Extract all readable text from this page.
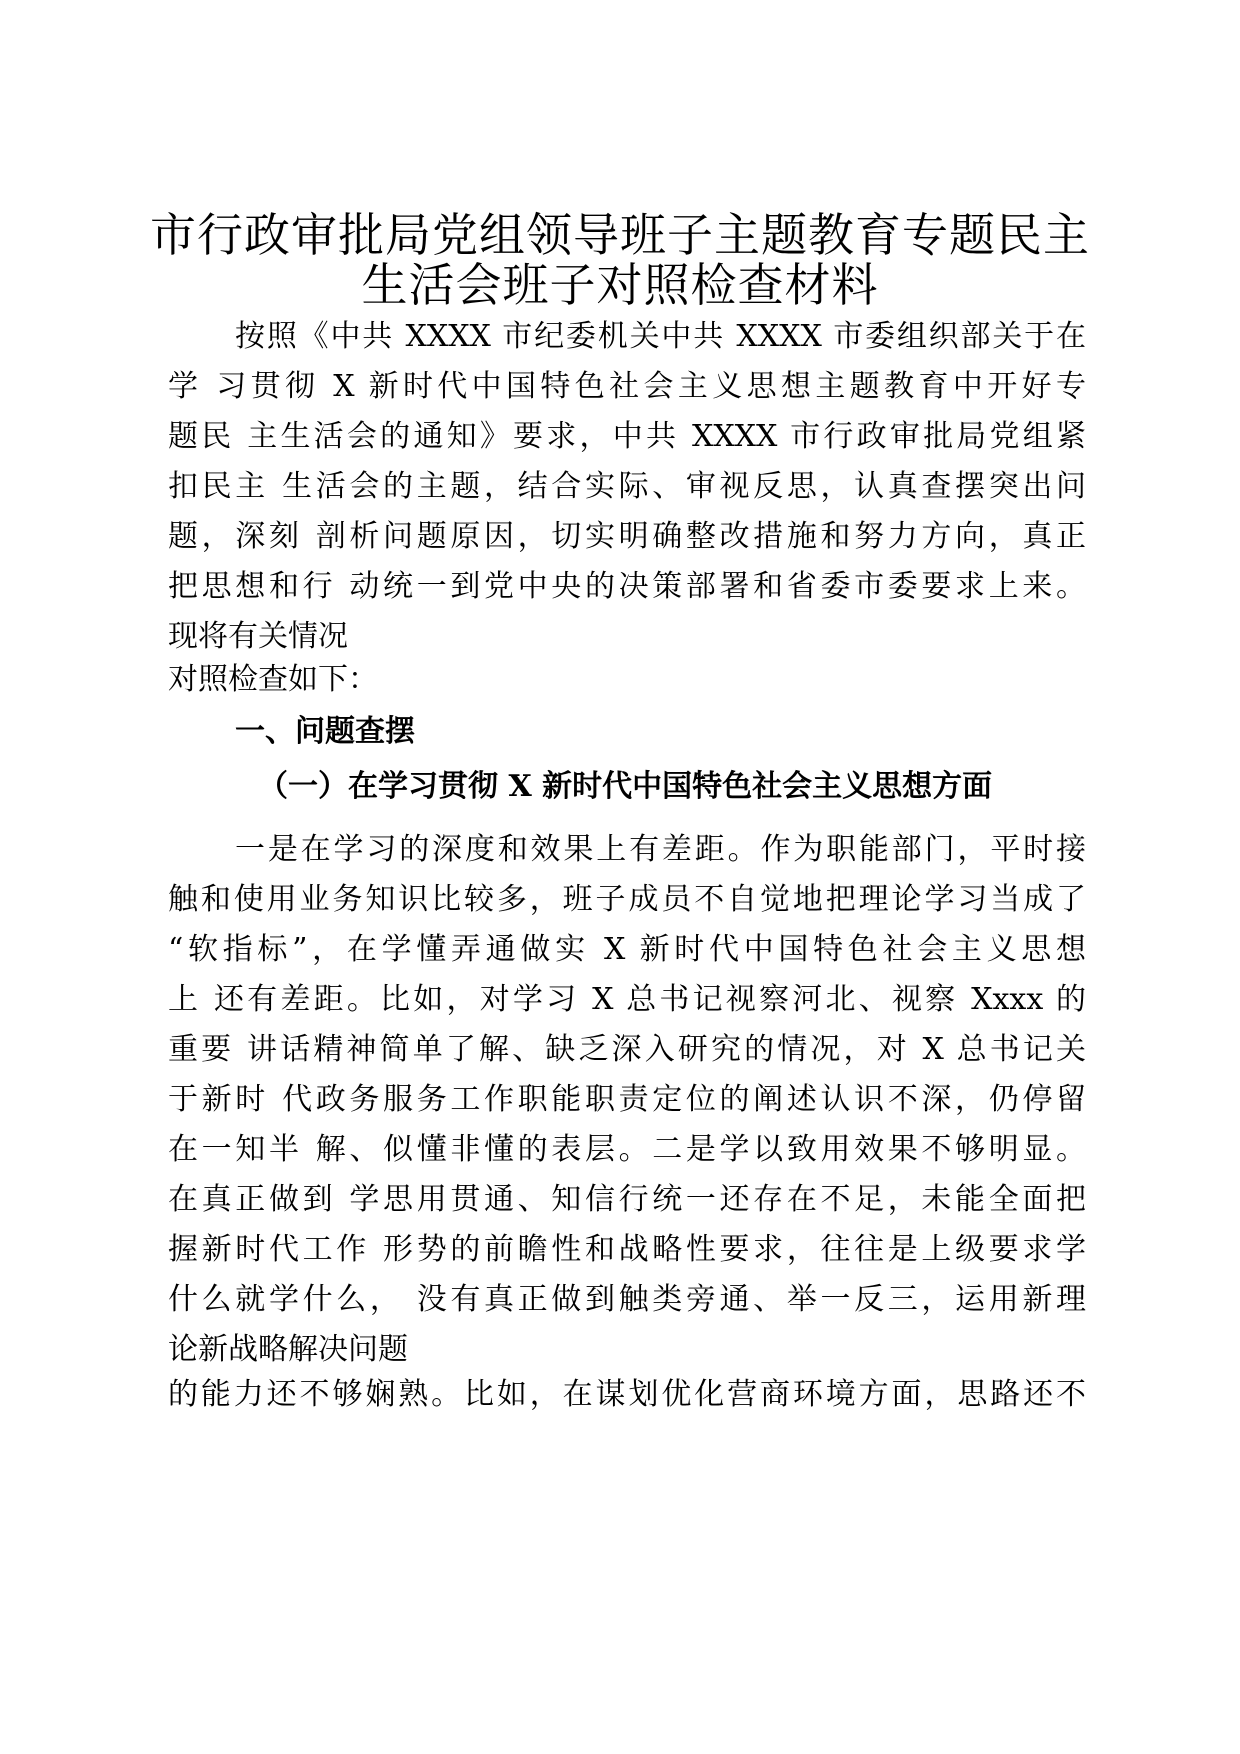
市行政审批局党组领导班子主题教育专题民主
生活会班子对照检查材料
按照《中共 XXXX 市纪委机关中共 XXXX 市委组织部关于在
学 习贯彻 X 新时代中国特色社会主义思想主题教育中开好专
题民 主生活会的通知》要求，中共 XXXX 市行政审批局党组紧
扣民主 生活会的主题，结合实际、审视反思，认真查摆突出问
题，深刻 剖析问题原因，切实明确整改措施和努力方向，真正
把思想和行 动统一到党中央的决策部署和省委市委要求上来。
现将有关情况
对照检查如下：
一、问题查摆
（一）在学习贯彻 X 新时代中国特色社会主义思想方面
一是在学习的深度和效果上有差距。作为职能部门，平时接
触和使用业务知识比较多，班子成员不自觉地把理论学习当成了
“软指标”，在学懂弄通做实 X 新时代中国特色社会主义思想
上 还有差距。比如，对学习 X 总书记视察河北、视察 Xxxx 的
重要 讲话精神简单了解、缺乏深入研究的情况，对 X 总书记关
于新时 代政务服务工作职能职责定位的阐述认识不深，仍停留
在一知半 解、似懂非懂的表层。二是学以致用效果不够明显。
在真正做到 学思用贯通、知信行统一还存在不足，未能全面把
握新时代工作 形势的前瞻性和战略性要求，往往是上级要求学
什么就学什么， 没有真正做到触类旁通、举一反三，运用新理
论新战略解决问题
的能力还不够娴熟。比如，在谋划优化营商环境方面，思路还不
